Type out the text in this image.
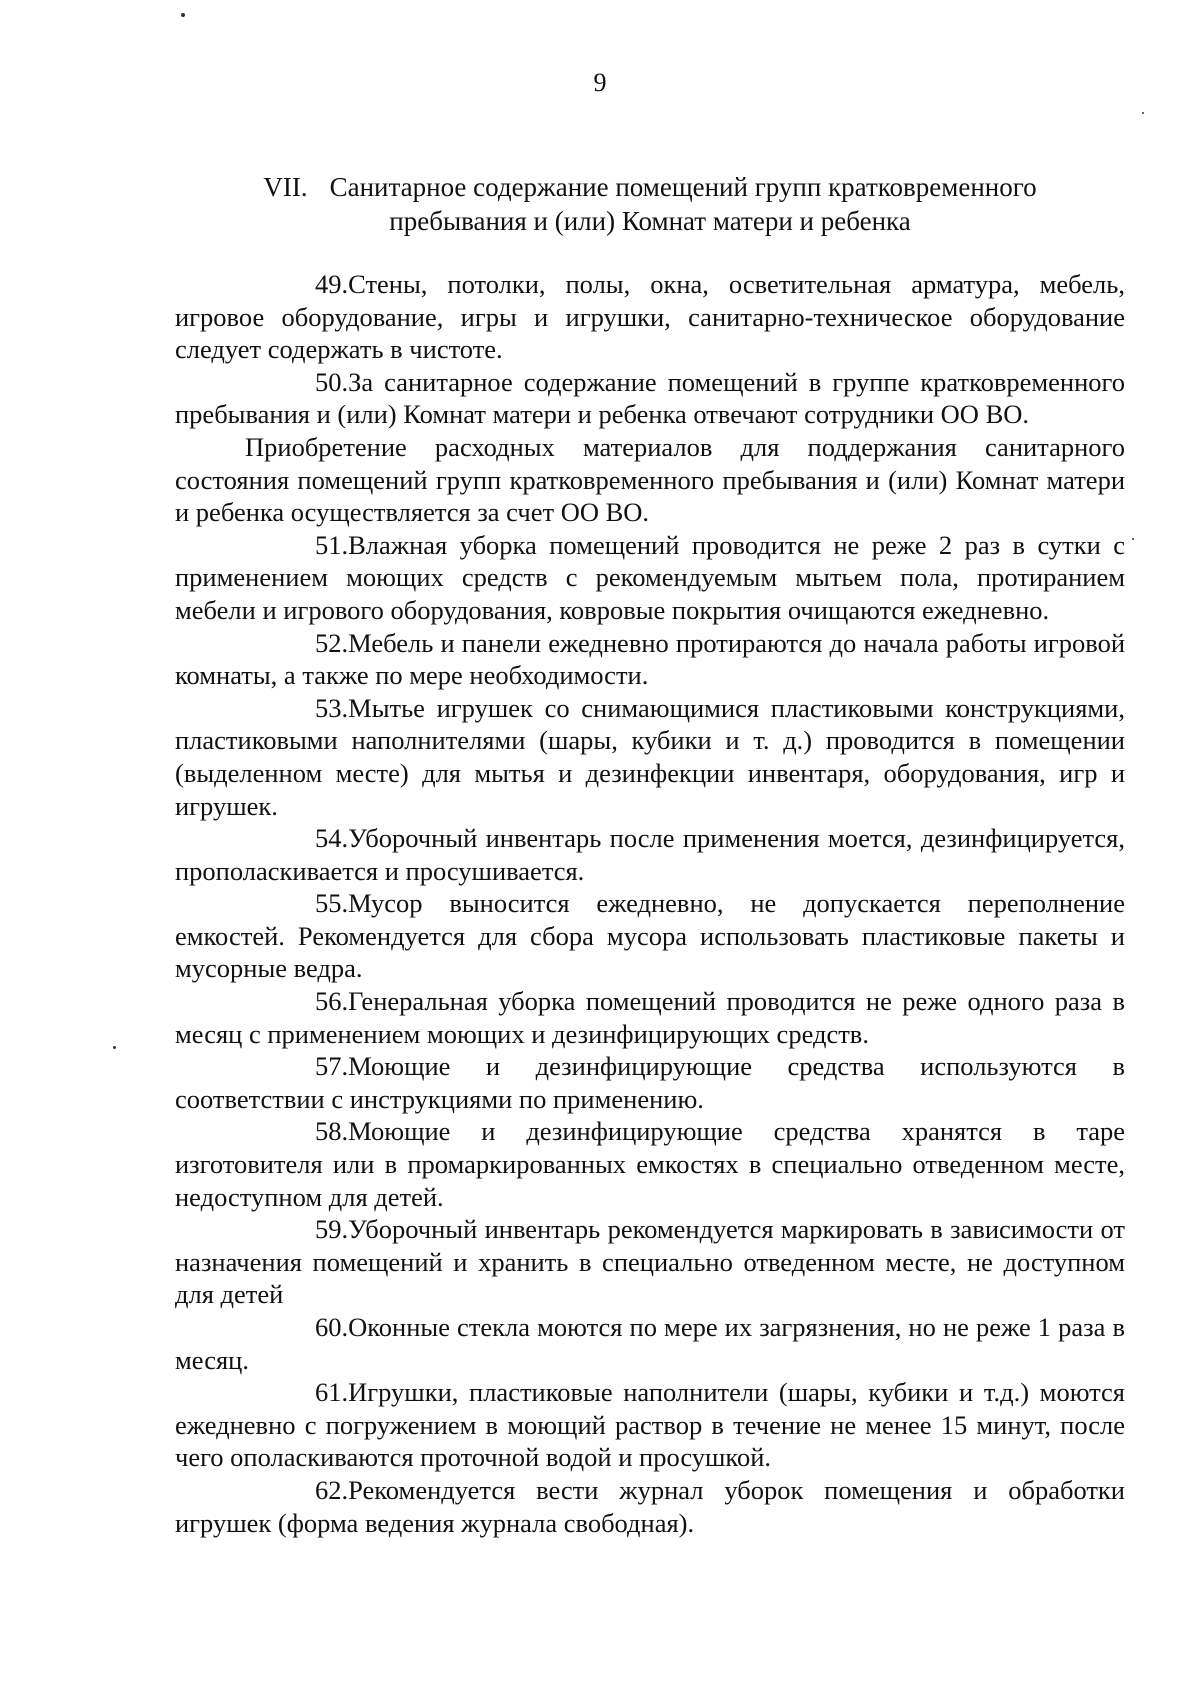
9
VII. Санитарное содержание помещений групп кратковременного
пребывания и (или) Комнат матери и ребенка

49.Стены, потолки, полы, окна, осветительная арматура, мебель, игровое оборудование, игры и игрушки, санитарно-техническое оборудование следует содержать в чистоте.

50.За санитарное содержание помещений в группе кратковременного пребывания и (или) Комнат матери и ребенка отвечают сотрудники ОО ВО.

Приобретение расходных материалов для поддержания санитарного состояния помещений групп кратковременного пребывания и (или) Комнат матери и ребенка осуществляется за счет ОО ВО.

51.Влажная уборка помещений проводится не реже 2 раз в сутки с применением моющих средств с рекомендуемым мытьем пола, протиранием мебели и игрового оборудования, ковровые покрытия очищаются ежедневно.

52.Мебель и панели ежедневно протираются до начала работы игровой комнаты, а также по мере необходимости.

53.Мытье игрушек со снимающимися пластиковыми конструкциями, пластиковыми наполнителями (шары, кубики и т. д.) проводится в помещении (выделенном месте) для мытья и дезинфекции инвентаря, оборудования, игр и игрушек.

54.Уборочный инвентарь после применения моется, дезинфицируется, прополаскивается и просушивается.

55.Мусор выносится ежедневно, не допускается переполнение емкостей. Рекомендуется для сбора мусора использовать пластиковые пакеты и мусорные ведра.

56.Генеральная уборка помещений проводится не реже одного раза в месяц с применением моющих и дезинфицирующих средств.

57.Моющие и дезинфицирующие средства используются в соответствии с инструкциями по применению.

58.Моющие и дезинфицирующие средства хранятся в таре изготовителя или в промаркированных емкостях в специально отведенном месте, недоступном для детей.

59.Уборочный инвентарь рекомендуется маркировать в зависимости от назначения помещений и хранить в специально отведенном месте, не доступном для детей

60.Оконные стекла моются по мере их загрязнения, но не реже 1 раза в месяц.

61.Игрушки, пластиковые наполнители (шары, кубики и т.д.) моются ежедневно с погружением в моющий раствор в течение не менее 15 минут, после чего ополаскиваются проточной водой и просушкой.

62.Рекомендуется вести журнал уборок помещения и обработки игрушек (форма ведения журнала свободная).
